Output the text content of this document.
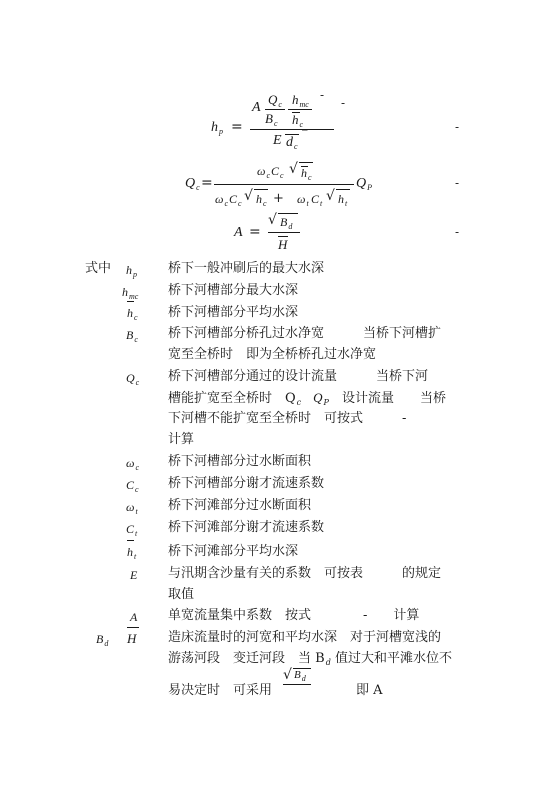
$h_p$ =
A
$Q_c$
$B_c$
$h_{mc}$
$h_c$
-
-
E $d_c$
‾
-
$Q_c$ =
$\omega_c$ $C_c$ √ $h_c$
$\omega_c$ $C_c$ √ $h_c + \omega_t$ $C_t$ √ $h_t$
$Q_P$	-
A =
√ $B_d$
H
-
式中 $h_p$ 桥下一般冲刷后的最大水深
$h_{mc}$ 桥下河槽部分最大水深
$h_c$ 桥下河槽部分平均水深
$B_c$ 桥下河槽部分桥孔过水净宽　　　当桥下河槽扩
宽至全桥时　即为全桥桥孔过水净宽
$Q_c$ 桥下河槽部分通过的设计流量　　　当桥下河
槽能扩宽至全桥时　$Q_c$ $Q_P$　设计流量　　当桥
下河槽不能扩宽至全桥时　可按式　　　-
计算
$\omega_c$ 桥下河槽部分过水断面积
$C_c$ 桥下河槽部分谢才流速系数
$\omega_t$ 桥下河滩部分过水断面积
$C_t$ 桥下河滩部分谢才流速系数
$h_t$ 桥下河滩部分平均水深
E 与汛期含沙量有关的系数　可按表　　　的规定
取值
A 单宽流量集中系数　按式　　　　-　　计算
$B_d$ H 造床流量时的河宽和平均水深　对于河槽宽浅的
游荡河段　变迁河段　当 $B_d$ 值过大和平滩水位不
易决定时　可采用
√ $B_d$
即 A
